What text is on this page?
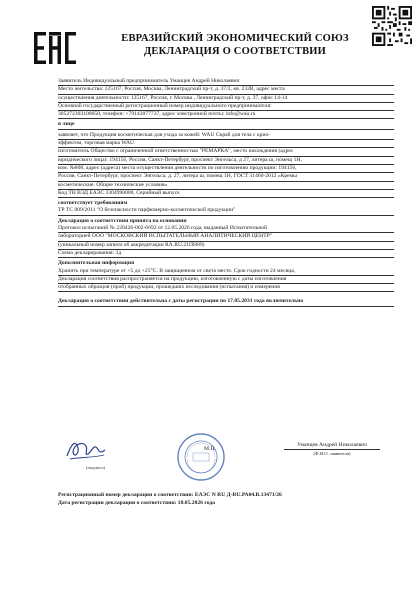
ЕВРАЗИЙСКИЙ ЭКОНОМИЧЕСКИЙ СОЮЗ
ДЕКЛАРАЦИЯ О СООТВЕТСТВИИ
Заявитель Индивидуальный предприниматель Уманцев Андрей Николаевич
Место жительства: 125167, Россия, Москва, Ленинградский пр-т, д. 37/2, кв. 232В, адрес места
осуществления деятельности: 125167, Россия, г. Москва , Ленинградский пр-т, д. 37, офис 14-14
Основной государственный регистрационный номер индивидуального предпринимателя:
305272303100050, телефон: +79142077737, адрес электронной почты: info@wau.ru
в лице
заявляет, что Продукция косметическая для ухода за кожей: WAU Скраб для тела с крио-
эффектом, торговая марка WAU
изготовитель Общество с ограниченной ответственностью "РЕМАРКА", место нахождения (адрес
юридического лица): 194156, Россия, Санкт-Петербург, проспект Энгельса, д 27, литера ш, помещ 1Н,
ком. №808, адрес (адреса) места осуществления деятельности по изготовлению продукции: 194156,
Россия, Санкт-Петербург, проспект Энгельса, д. 27, литера ш, помещ 1Н, ГОСТ 31460-2012 «Кремы
косметические. Общие технические условия»
Код ТН ВЭД ЕАЭС 3304990000, Серийный выпуск
соответствует требованиям
ТР ТС 009/2011 "О безопасности парфюмерно-косметической продукции"
Декларация о соответствии принята на основании
Протокол испытаний № 220426-002-6692 от 12.05.2026 года, выданный Испытательной
лабораторией ООО "МОСКОВСКИЙ ИСПЫТАТЕЛЬНЫЙ АНАЛИТИЧЕСКИЙ ЦЕНТР"
(уникальный номер записи об аккредитации RA.RU.21ПН89)
Схема декларирования: 3д
Дополнительная информация
Хранить при температуре от +5 до +25°С. В защищенном от света месте. Срок годности 24 месяца,
Декларация соответствия распространяется на продукцию, изготовленную с даты изготовления
отобранных образцов (проб) продукции, прошедших исследования (испытания) и измерения
Декларация о соответствии действительна с даты регистрации по 17.05.2031 года включительно
(подпись)
М.П.
Уманцев Андрей Николаевич
(Ф.И.О. заявителя)
Регистрационный номер декларации о соответствии: ЕАЭС N RU Д-RU.РА04.В.13471/26
Дата регистрации декларации о соответствии: 18.05.2026 года
